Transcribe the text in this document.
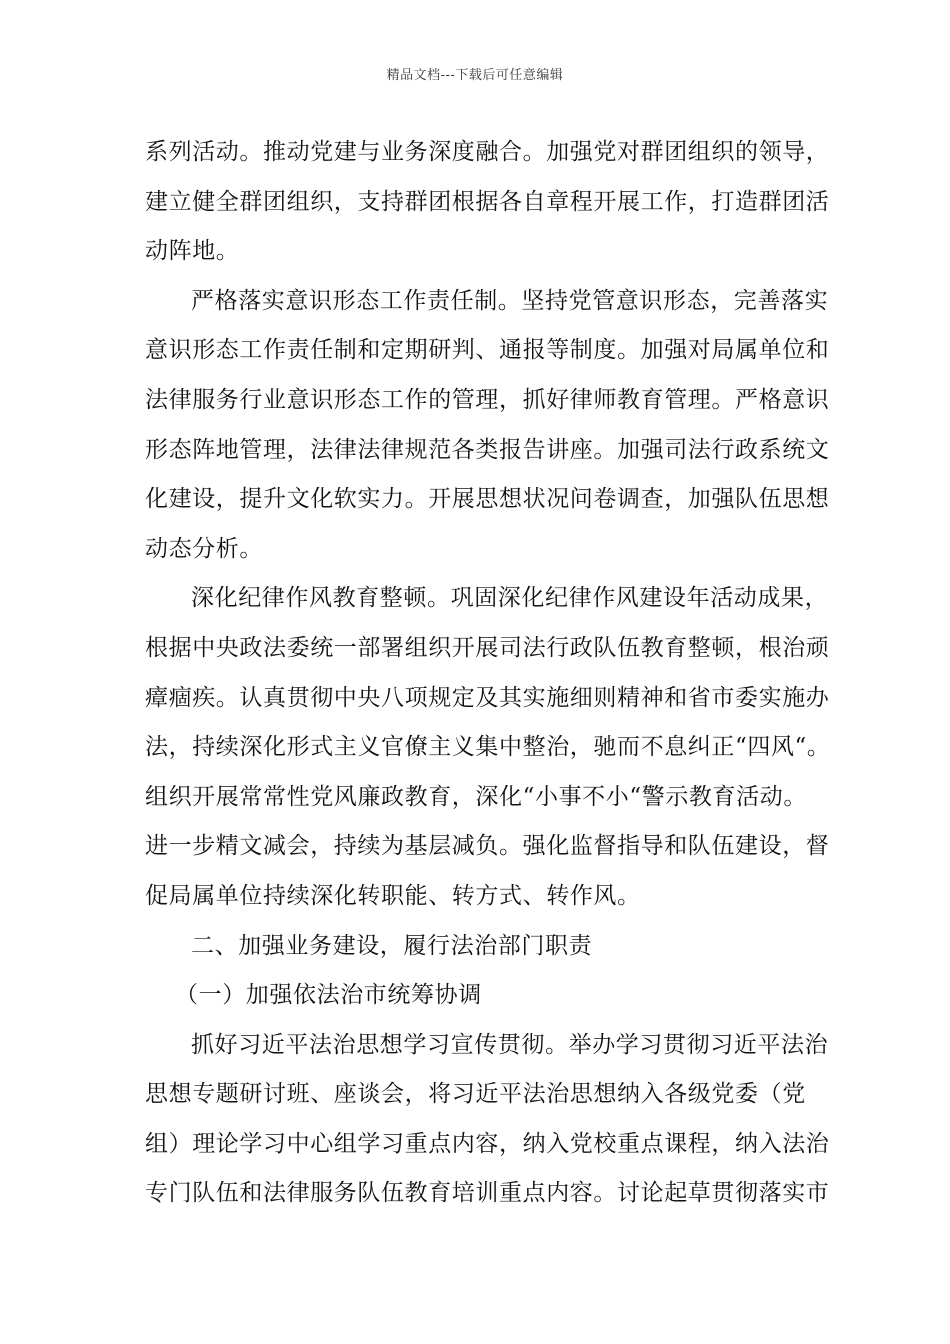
精品文档---下载后可任意编辑
系列活动。推动党建与业务深度融合。加强党对群团组织的领导，
建立健全群团组织，支持群团根据各自章程开展工作，打造群团活
动阵地。
严格落实意识形态工作责任制。坚持党管意识形态，完善落实
意识形态工作责任制和定期研判、通报等制度。加强对局属单位和
法律服务行业意识形态工作的管理，抓好律师教育管理。严格意识
形态阵地管理，法律法律规范各类报告讲座。加强司法行政系统文
化建设，提升文化软实力。开展思想状况问卷调查，加强队伍思想
动态分析。
深化纪律作风教育整顿。巩固深化纪律作风建设年活动成果，
根据中央政法委统一部署组织开展司法行政队伍教育整顿，根治顽
瘴痼疾。认真贯彻中央八项规定及其实施细则精神和省市委实施办
法，持续深化形式主义官僚主义集中整治，驰而不息纠正“四风“。
组织开展常常性党风廉政教育，深化“小事不小“警示教育活动。
进一步精文减会，持续为基层减负。强化监督指导和队伍建设，督
促局属单位持续深化转职能、转方式、转作风。
二、加强业务建设，履行法治部门职责
（一）加强依法治市统筹协调
抓好习近平法治思想学习宣传贯彻。举办学习贯彻习近平法治
思想专题研讨班、座谈会，将习近平法治思想纳入各级党委（党
组）理论学习中心组学习重点内容，纳入党校重点课程，纳入法治
专门队伍和法律服务队伍教育培训重点内容。讨论起草贯彻落实市
